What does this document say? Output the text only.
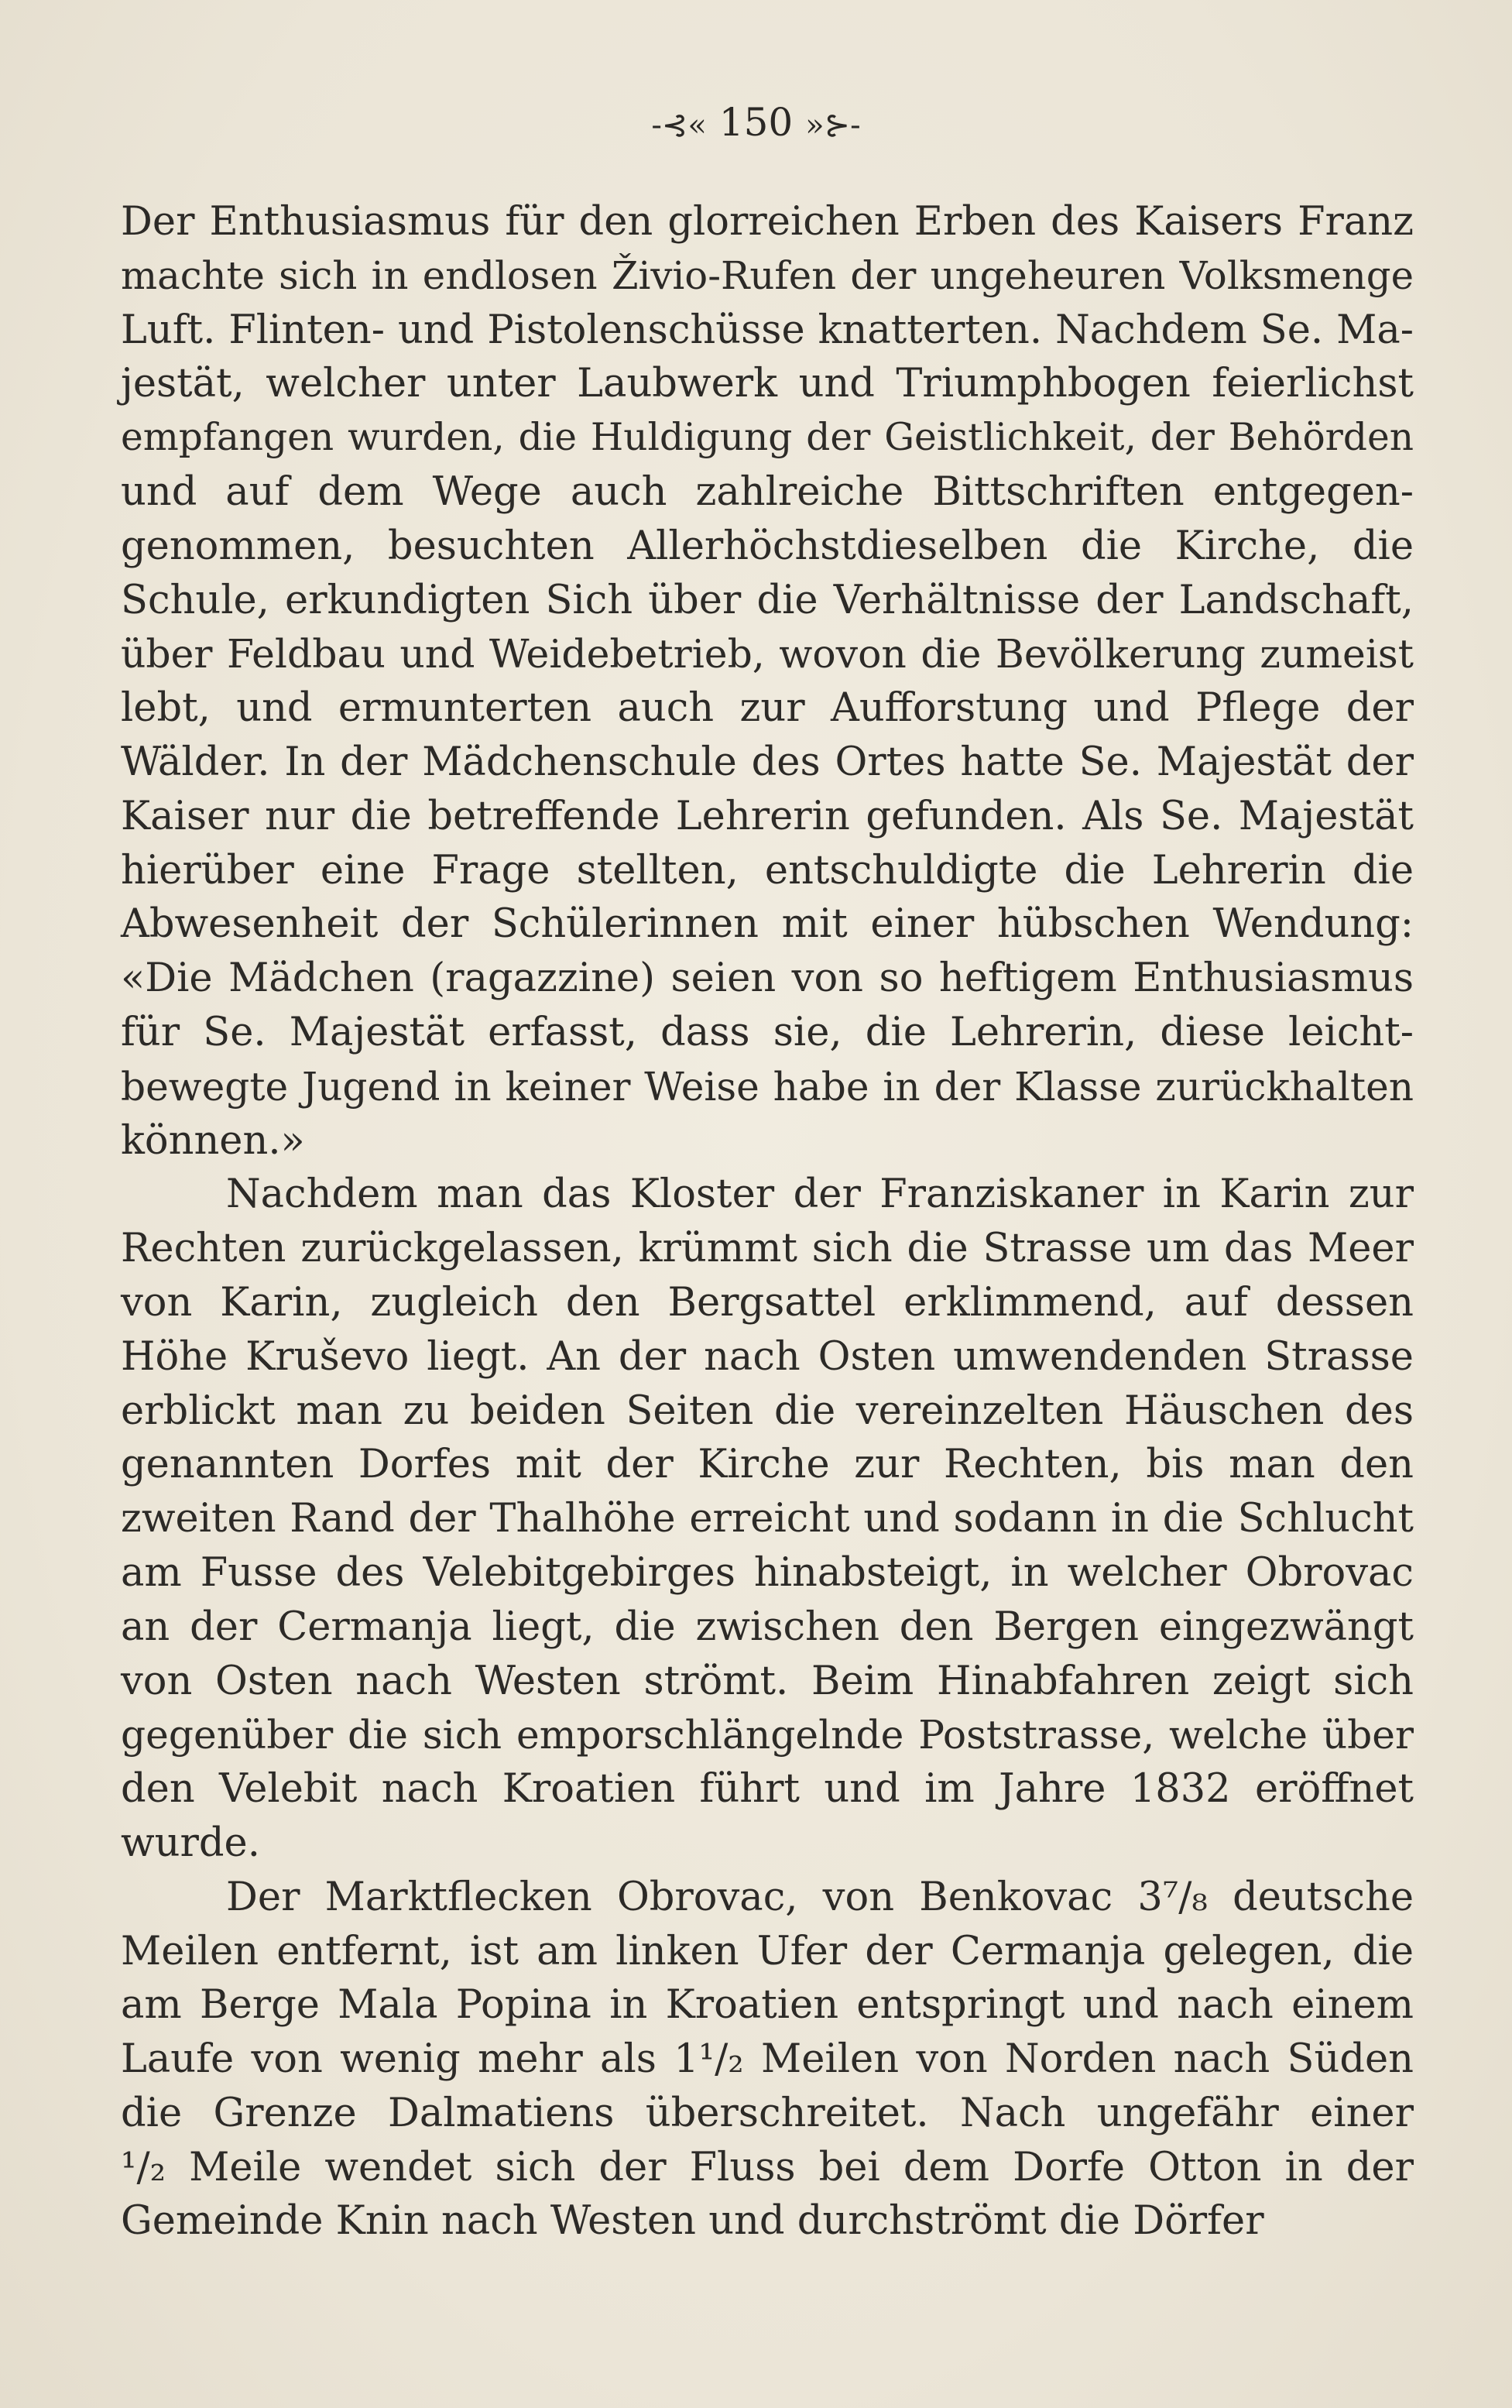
-⊰« 150 »⊱-
Der Enthusiasmus für den glorreichen Erben des Kaisers Franz
machte sich in endlosen Živio-Rufen der ungeheuren Volksmenge
Luft. Flinten- und Pistolenschüsse knatterten. Nachdem Se. Ma-
jestät, welcher unter Laubwerk und Triumphbogen feierlichst
empfangen wurden, die Huldigung der Geistlichkeit, der Behörden
und auf dem Wege auch zahlreiche Bittschriften entgegen-
genommen, besuchten Allerhöchstdieselben die Kirche, die
Schule, erkundigten Sich über die Verhältnisse der Landschaft,
über Feldbau und Weidebetrieb, wovon die Bevölkerung zumeist
lebt, und ermunterten auch zur Aufforstung und Pflege der
Wälder. In der Mädchenschule des Ortes hatte Se. Majestät der
Kaiser nur die betreffende Lehrerin gefunden. Als Se. Majestät
hierüber eine Frage stellten, entschuldigte die Lehrerin die
Abwesenheit der Schülerinnen mit einer hübschen Wendung:
«Die Mädchen (ragazzine) seien von so heftigem Enthusiasmus
für Se. Majestät erfasst, dass sie, die Lehrerin, diese leicht-
bewegte Jugend in keiner Weise habe in der Klasse zurückhalten
können.»
Nachdem man das Kloster der Franziskaner in Karin zur
Rechten zurückgelassen, krümmt sich die Strasse um das Meer
von Karin, zugleich den Bergsattel erklimmend, auf dessen
Höhe Kruševo liegt. An der nach Osten umwendenden Strasse
erblickt man zu beiden Seiten die vereinzelten Häuschen des
genannten Dorfes mit der Kirche zur Rechten, bis man den
zweiten Rand der Thalhöhe erreicht und sodann in die Schlucht
am Fusse des Velebitgebirges hinabsteigt, in welcher Obrovac
an der Cermanja liegt, die zwischen den Bergen eingezwängt
von Osten nach Westen strömt. Beim Hinabfahren zeigt sich
gegenüber die sich emporschlängelnde Poststrasse, welche über
den Velebit nach Kroatien führt und im Jahre 1832 eröffnet
wurde.
Der Marktflecken Obrovac, von Benkovac 3⁷/₈ deutsche
Meilen entfernt, ist am linken Ufer der Cermanja gelegen, die
am Berge Mala Popina in Kroatien entspringt und nach einem
Laufe von wenig mehr als 1¹/₂ Meilen von Norden nach Süden
die Grenze Dalmatiens überschreitet. Nach ungefähr einer
¹/₂ Meile wendet sich der Fluss bei dem Dorfe Otton in der
Gemeinde Knin nach Westen und durchströmt die Dörfer
